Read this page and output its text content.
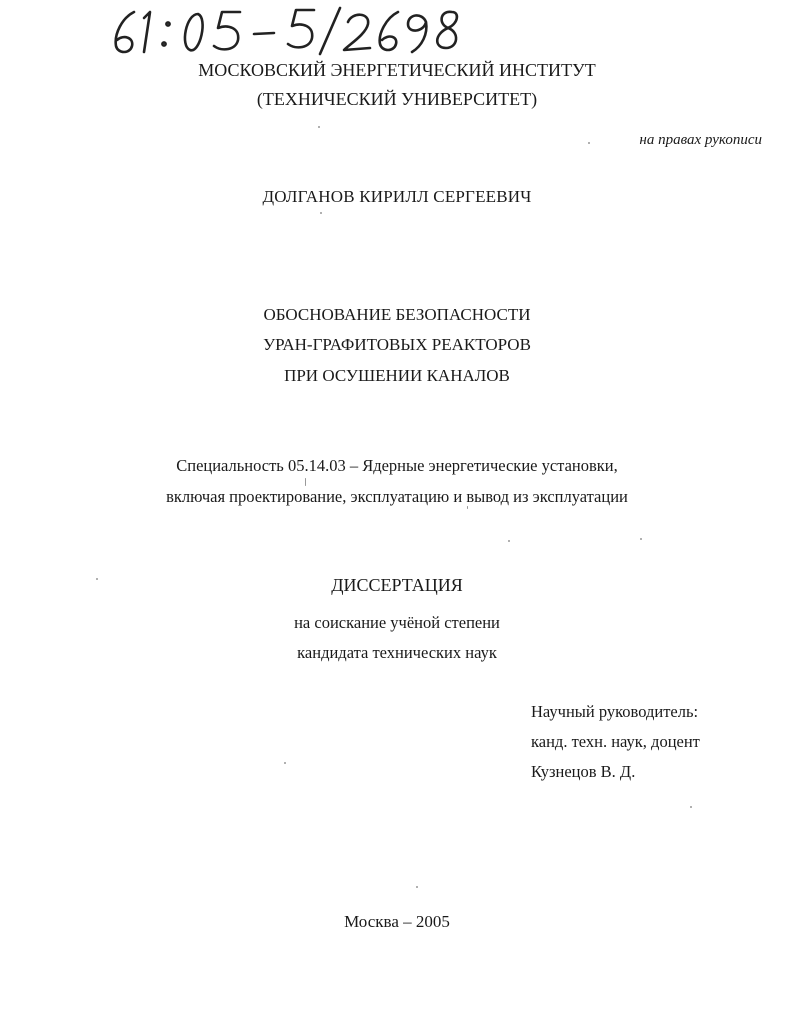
МОСКОВСКИЙ ЭНЕРГЕТИЧЕСКИЙ ИНСТИТУТ
(ТЕХНИЧЕСКИЙ УНИВЕРСИТЕТ)
на правах рукописи
ДОЛГАНОВ КИРИЛЛ СЕРГЕЕВИЧ
ОБОСНОВАНИЕ БЕЗОПАСНОСТИ
УРАН-ГРАФИТОВЫХ РЕАКТОРОВ
ПРИ ОСУШЕНИИ КАНАЛОВ
Специальность 05.14.03 – Ядерные энергетические установки,
включая проектирование, эксплуатацию и вывод из эксплуатации
ДИССЕРТАЦИЯ
на соискание учёной степени
кандидата технических наук
Научный руководитель:
канд. техн. наук, доцент
Кузнецов В. Д.
Москва – 2005
